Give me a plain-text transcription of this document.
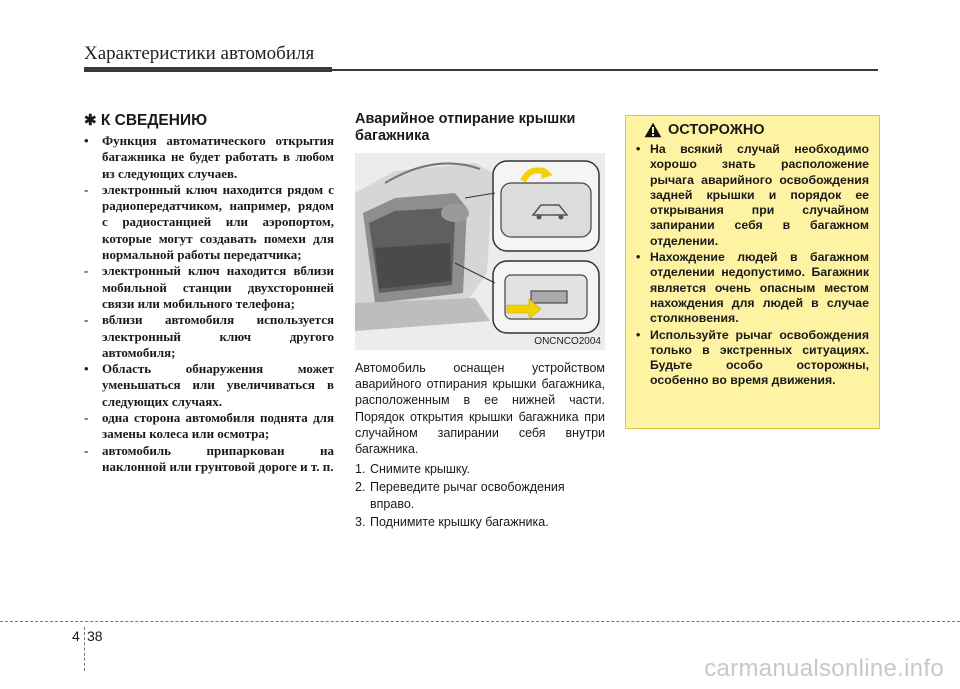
Характеристики автомобиля
✱ К СВЕДЕНИЮ
• Функция автоматического открытия багажника не будет работать в любом из следующих случаев.
- электронный ключ находится рядом с радиопередатчиком, например, рядом с радиостанцией или аэропортом, которые могут создавать помехи для нормальной работы передатчика;
- электронный ключ находится вблизи мобильной станции двухсторонней связи или мобильного телефона;
- вблизи автомобиля используется электронный ключ другого автомобиля;
• Область обнаружения может уменьшаться или увеличиваться в следующих случаях.
- одна сторона автомобиля поднята для замены колеса или осмотра;
- автомобиль припаркован на наклонной или грунтовой дороге и т. п.
Аварийное отпирание крышки багажника
ONCNCO2004
Автомобиль оснащен устройством аварийного отпирания крышки багажника, расположенным в ее нижней части. Порядок открытия крышки багажника при случайном запирании себя внутри багажника.
1. Снимите крышку.
2. Переведите рычаг освобождения вправо.
3. Поднимите крышку багажника.
ОСТОРОЖНО
• На всякий случай необходимо хорошо знать расположение рычага аварийного освобождения задней крышки и порядок ее открывания при случайном запирании себя в багажном отделении.
• Нахождение людей в багажном отделении недопустимо. Багажник является очень опасным местом нахождения для людей в случае столкновения.
• Используйте рычаг освобождения только в экстренных ситуациях. Будьте особо осторожны, особенно во время движения.
4 38
carmanualsonline.info
